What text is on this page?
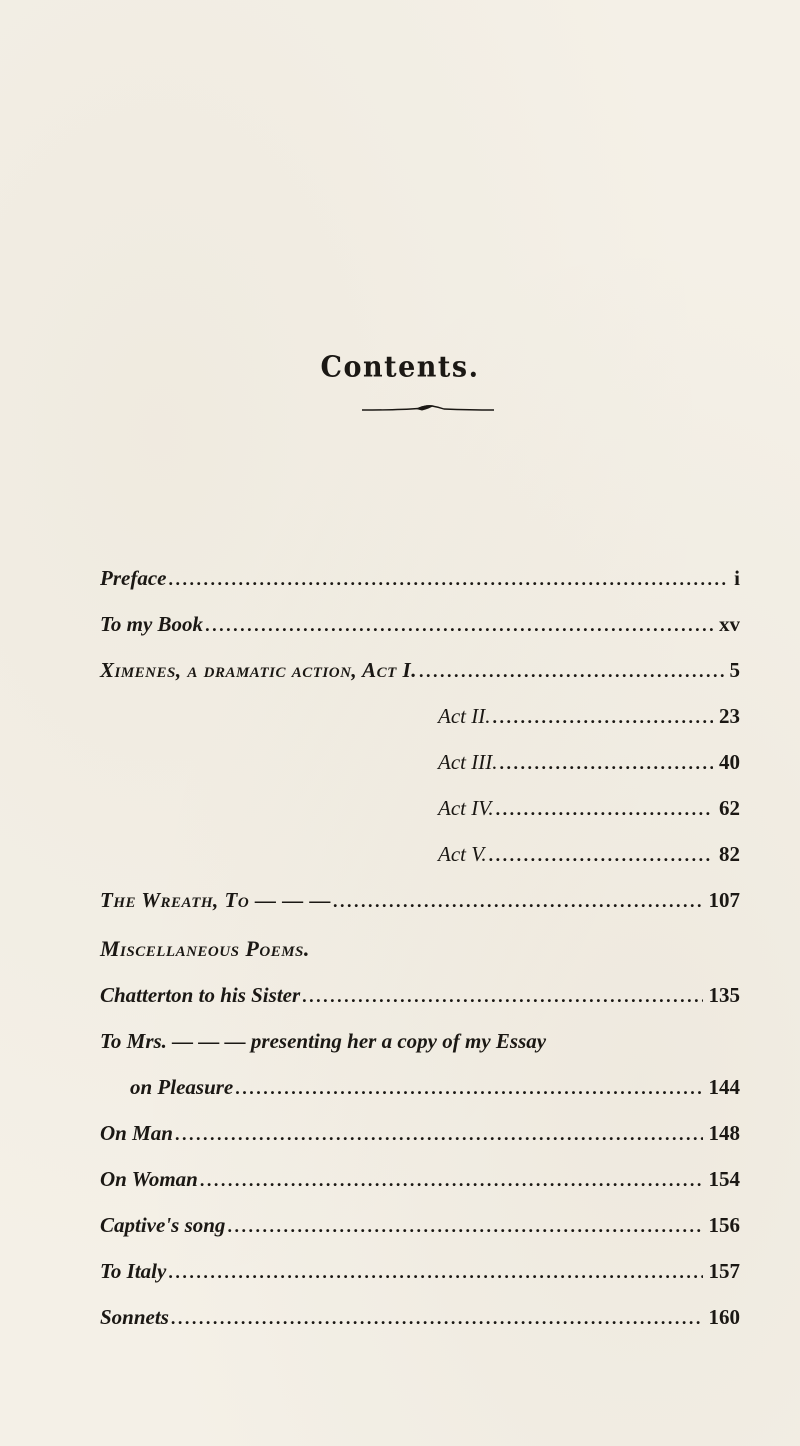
Contents.
Preface . . .	i
To my Book . . .	xv
Ximenes, a dramatic action, Act I. . . .	5
Act II. . . .	23
Act III. . . .	40
Act IV. . . .	62
Act V. . . .	82
The Wreath, To — — — . . .	107
Miscellaneous Poems.
Chatterton to his Sister . . .	135
To Mrs. — — — presenting her a copy of my Essay
on Pleasure . . .	144
On Man . . .	148
On Woman . . .	154
Captive's song . . .	156
To Italy . . .	157
Sonnets . . .	160
